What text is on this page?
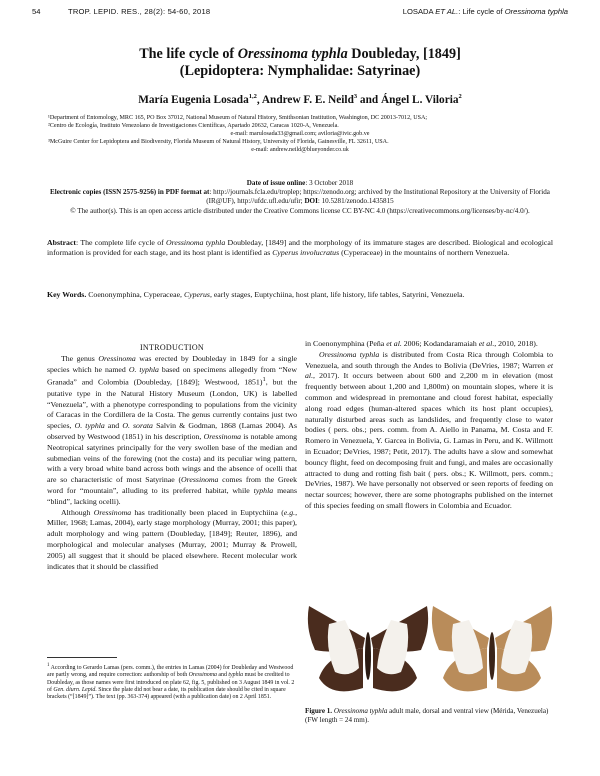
54	TROP. LEPID. RES., 28(2): 54-60, 2018	LOSADA ET AL.: Life cycle of Oressinoma typhla
The life cycle of Oressinoma typhla Doubleday, [1849]
(Lepidoptera: Nymphalidae: Satyrinae)
María Eugenia Losada$^{1,2}$, Andrew F. E. Neild$^3$ and Ángel L. Viloria$^2$
¹Department of Entomology, MRC 165, PO Box 37012, National Museum of Natural History, Smithsonian Institution, Washington, DC 20013-7012, USA;
²Centro de Ecología, Instituto Venezolano de Investigaciones Científicas, Apartado 20632, Caracas 1020-A, Venezuela.
e-mail: marulosada33@gmail.com; aviloria@ivic.gob.ve
³McGuire Center for Lepidoptera and Biodiversity, Florida Museum of Natural History, University of Florida, Gainesville, FL 32611, USA.
e-mail: andrew.neild@blueyonder.co.uk
Date of issue online: 3 October 2018
Electronic copies (ISSN 2575-9256) in PDF format at: http://journals.fcla.edu/troplep; https://zenodo.org; archived by the Institutional Repository at the University of Florida (IR@UF), http://ufdc.ufl.edu/ufir; DOI: 10.5281/zenodo.1435815
© The author(s). This is an open access article distributed under the Creative Commons license CC BY-NC 4.0 (https://creativecommons.org/licenses/by-nc/4.0/).
Abstract: The complete life cycle of Oressinoma typhla Doubleday, [1849] and the morphology of its immature stages are described. Biological and ecological information is provided for each stage, and its host plant is identified as Cyperus involucratus (Cyperaceae) in the mountains of northern Venezuela.
Key Words. Coenonymphina, Cyperaceae, Cyperus, early stages, Euptychiina, host plant, life history, life tables, Satyrini, Venezuela.

INTRODUCTION

The genus Oressinoma was erected by Doubleday in 1849 for a single species which he named O. typhla based on specimens allegedly from “New Granada” and Colombia (Doubleday, [1849]; Westwood, 1851)$^1$, but the putative type in the Natural History Museum (London, UK) is labelled “Venezuela”, with a phenotype corresponding to populations from the vicinity of Caracas in the Cordillera de la Costa. The genus currently contains just two species, O. typhla and O. sorata Salvin & Godman, 1868 (Lamas 2004). As observed by Westwood (1851) in his description, Oressinoma is notable among Neotropical satyrines principally for the very swollen base of the median and submedian veins of the forewing (not the costa) and its peculiar wing pattern, with a very broad white band across both wings and the absence of ocelli that are so characteristic of most Satyrinae (Oressinoma comes from the Greek word for “mountain”, alluding to its preferred habitat, while typhla means “blind”, lacking ocelli).

Although Oressinoma has traditionally been placed in Euptychiina (e.g., Miller, 1968; Lamas, 2004), early stage morphology (Murray, 2001; this paper), adult morphology and wing pattern (Doubleday, [1849]; Reuter, 1896), and morphological and molecular analyses (Murray, 2001; Murray & Prowell, 2005) all suggest that it should be placed elsewhere. Recent molecular work indicates that it should be classified

in Coenonymphina (Peña et al. 2006; Kodandaramaiah et al., 2010, 2018).

Oressinoma typhla is distributed from Costa Rica through Colombia to Venezuela, and south through the Andes to Bolivia (DeVries, 1987; Warren et al., 2017). It occurs between about 600 and 2,200 m in elevation (most frequently between about 1,200 and 1,800m) on mountain slopes, where it is common and widespread in premontane and cloud forest habitat, especially along road edges (human-altered spaces which its host plant occupies), naturally disturbed areas such as landslides, and frequently close to water bodies ( pers. obs.; pers. comm. from A. Aiello in Panama, M. Costa and F. Romero in Venezuela, Y. Garcea in Bolivia, G. Lamas in Peru, and K. Willmott in Ecuador; DeVries, 1987; Petit, 2017). The adults have a slow and somewhat bouncy flight, feed on decomposing fruit and fungi, and males are occasionally attracted to dung and rotting fish bait ( pers. obs.; K. Willmott, pers. comm.; DeVries, 1987). We have personally not observed or seen reports of feeding on nectar sources; however, there are some photographs published on the internet of this species feeding on small flowers in Colombia and Ecuador.

$^1$ According to Gerardo Lamas (pers. comm.), the entries in Lamas (2004) for Doubleday and Westwood are partly wrong, and require correction: authorship of both Oressinoma and typhla must be credited to Doubleday, as those names were first introduced on plate 62, fig. 5, published on 3 August 1849 in vol. 2 of Gen. diurn. Lepid. Since the plate did not bear a date, its publication date should be cited in square brackets (“[1849]”). The text (pp. 363-374) appeared (with a publication date) on 2 April 1851.
Figure 1. Oressinoma typhla adult male, dorsal and ventral view (Mérida, Venezuela) (FW length = 24 mm).
